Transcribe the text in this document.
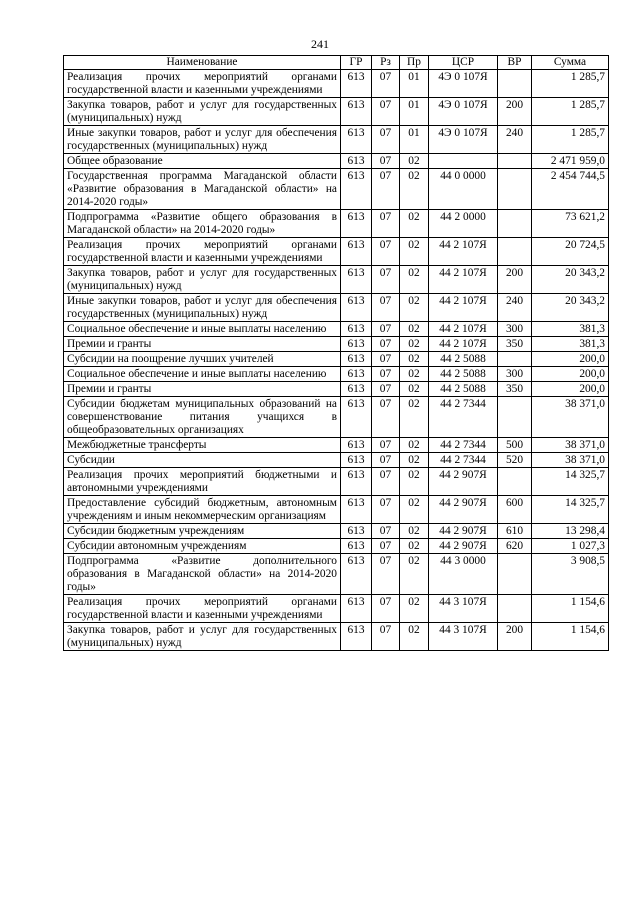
241
Наименование	ГР	Рз	Пр	ЦСР	ВР	Сумма
Реализация прочих мероприятий органами государственной власти и казенными учреждениями	613	07	01	4Э 0 107Я		1 285,7
Закупка товаров, работ и услуг для государственных (муниципальных) нужд	613	07	01	4Э 0 107Я	200	1 285,7
Иные закупки товаров, работ и услуг для обеспечения государственных (муниципальных) нужд	613	07	01	4Э 0 107Я	240	1 285,7
Общее образование	613	07	02			2 471 959,0
Государственная программа Магаданской области «Развитие образования в Магаданской области» на 2014-2020 годы»	613	07	02	44 0 0000		2 454 744,5
Подпрограмма «Развитие общего образования в Магаданской области» на 2014-2020 годы»	613	07	02	44 2 0000		73 621,2
Реализация прочих мероприятий органами государственной власти и казенными учреждениями	613	07	02	44 2 107Я		20 724,5
Закупка товаров, работ и услуг для государственных (муниципальных) нужд	613	07	02	44 2 107Я	200	20 343,2
Иные закупки товаров, работ и услуг для обеспечения государственных (муниципальных) нужд	613	07	02	44 2 107Я	240	20 343,2
Социальное обеспечение и иные выплаты населению	613	07	02	44 2 107Я	300	381,3
Премии и гранты	613	07	02	44 2 107Я	350	381,3
Субсидии на поощрение лучших учителей	613	07	02	44 2 5088		200,0
Социальное обеспечение и иные выплаты населению	613	07	02	44 2 5088	300	200,0
Премии и гранты	613	07	02	44 2 5088	350	200,0
Субсидии бюджетам муниципальных образований на совершенствование питания учащихся в общеобразовательных организациях	613	07	02	44 2 7344		38 371,0
Межбюджетные трансферты	613	07	02	44 2 7344	500	38 371,0
Субсидии	613	07	02	44 2 7344	520	38 371,0
Реализация прочих мероприятий бюджетными и автономными учреждениями	613	07	02	44 2 907Я		14 325,7
Предоставление субсидий бюджетным, автономным учреждениям и иным некоммерческим организациям	613	07	02	44 2 907Я	600	14 325,7
Субсидии бюджетным учреждениям	613	07	02	44 2 907Я	610	13 298,4
Субсидии автономным учреждениям	613	07	02	44 2 907Я	620	1 027,3
Подпрограмма «Развитие дополнительного образования в Магаданской области» на 2014-2020 годы»	613	07	02	44 3 0000		3 908,5
Реализация прочих мероприятий органами государственной власти и казенными учреждениями	613	07	02	44 3 107Я		1 154,6
Закупка товаров, работ и услуг для государственных (муниципальных) нужд	613	07	02	44 3 107Я	200	1 154,6
